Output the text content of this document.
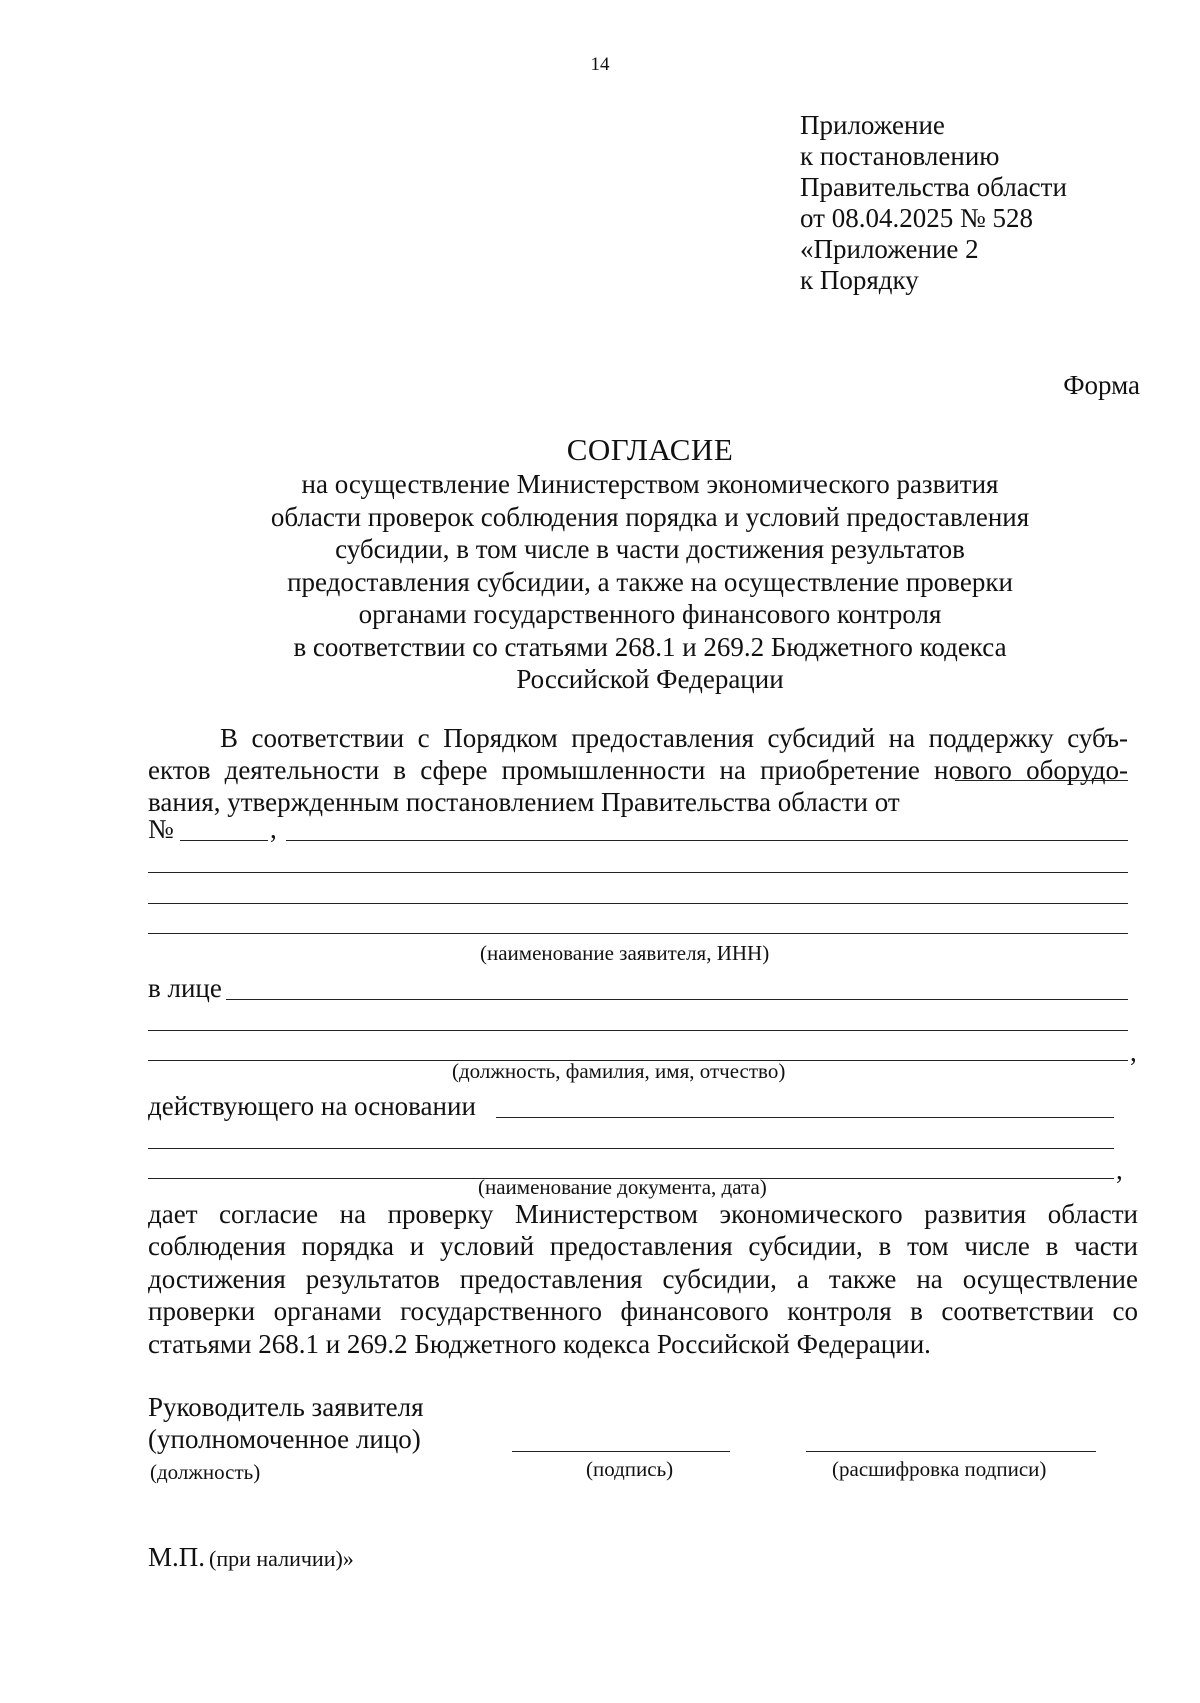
14
Приложение
к постановлению
Правительства области
от 08.04.2025 № 528
«Приложение 2
к Порядку
Форма
СОГЛАСИЕ
на осуществление Министерством экономического развития
области проверок соблюдения порядка и условий предоставления
субсидии, в том числе в части достижения результатов
предоставления субсидии, а также на осуществление проверки
органами государственного финансового контроля
в соответствии со статьями 268.1 и 269.2 Бюджетного кодекса
Российской Федерации
В соответствии с Порядком предоставления субсидий на поддержку субъ-
ектов деятельности в сфере промышленности на приобретение нового оборудо-
вания, утвержденным постановлением Правительства области от
№	,
(наименование заявителя, ИНН)
в лице
,
(должность, фамилия, имя, отчество)
действующего на основании
,
(наименование документа, дата)
дает согласие на проверку Министерством экономического развития области
соблюдения порядка и условий предоставления субсидии, в том числе в части
достижения результатов предоставления субсидии, а также на осуществление
проверки органами государственного финансового контроля в соответствии со
статьями 268.1 и 269.2 Бюджетного кодекса Российской Федерации.
Руководитель заявителя
(уполномоченное лицо)
(должность)	(подпись)	(расшифровка подписи)
М.П. (при наличии)»
